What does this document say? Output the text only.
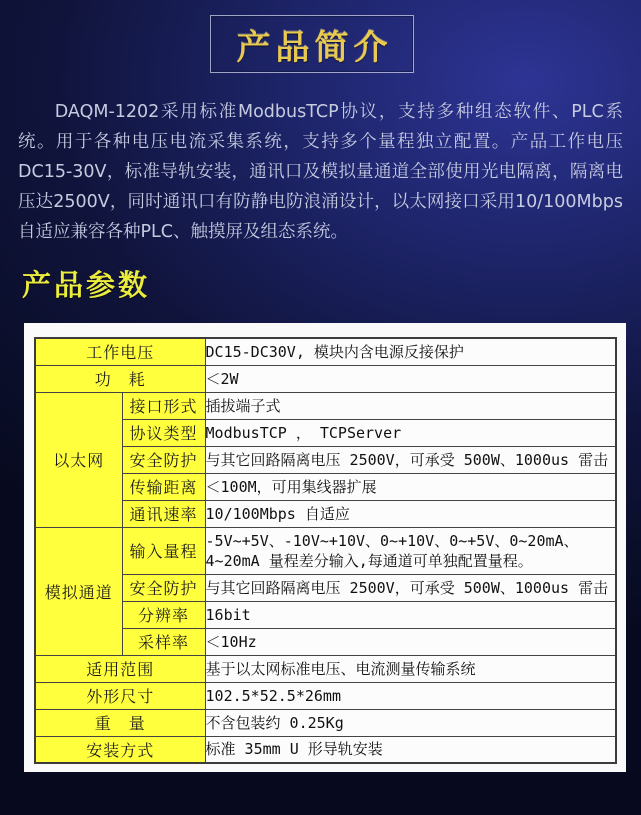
产品简介

DAQM-1202采用标准ModbusTCP协议，支持多种组态软件、PLC系统。用于各种电压电流采集系统，支持多个量程独立配置。产品工作电压DC15-30V，标准导轨安装，通讯口及模拟量通道全部使用光电隔离，隔离电压达2500V，同时通讯口有防静电防浪涌设计，以太网接口采用10/100Mbps自适应兼容各种PLC、触摸屏及组态系统。

产品参数
工作电压		DC15-DC30V, 模块内含电源反接保护
功　耗		＜2W
以太网	接口形式	插拔端子式
	协议类型	ModbusTCP ， TCPServer
	安全防护	与其它回路隔离电压 2500V，可承受 500W、1000us 雷击
	传输距离	＜100M，可用集线器扩展
	通讯速率	10/100Mbps 自适应
模拟通道	输入量程	-5V~+5V、-10V~+10V、0~+10V、0~+5V、0~20mA、4~20mA 量程差分输入,每通道可单独配置量程。
	安全防护	与其它回路隔离电压 2500V，可承受 500W、1000us 雷击
	分辨率	16bit
	采样率	＜10Hz
适用范围		基于以太网标准电压、电流测量传输系统
外形尺寸		102.5*52.5*26mm
重　量		不含包装约 0.25Kg
安装方式		标准 35mm U 形导轨安装
